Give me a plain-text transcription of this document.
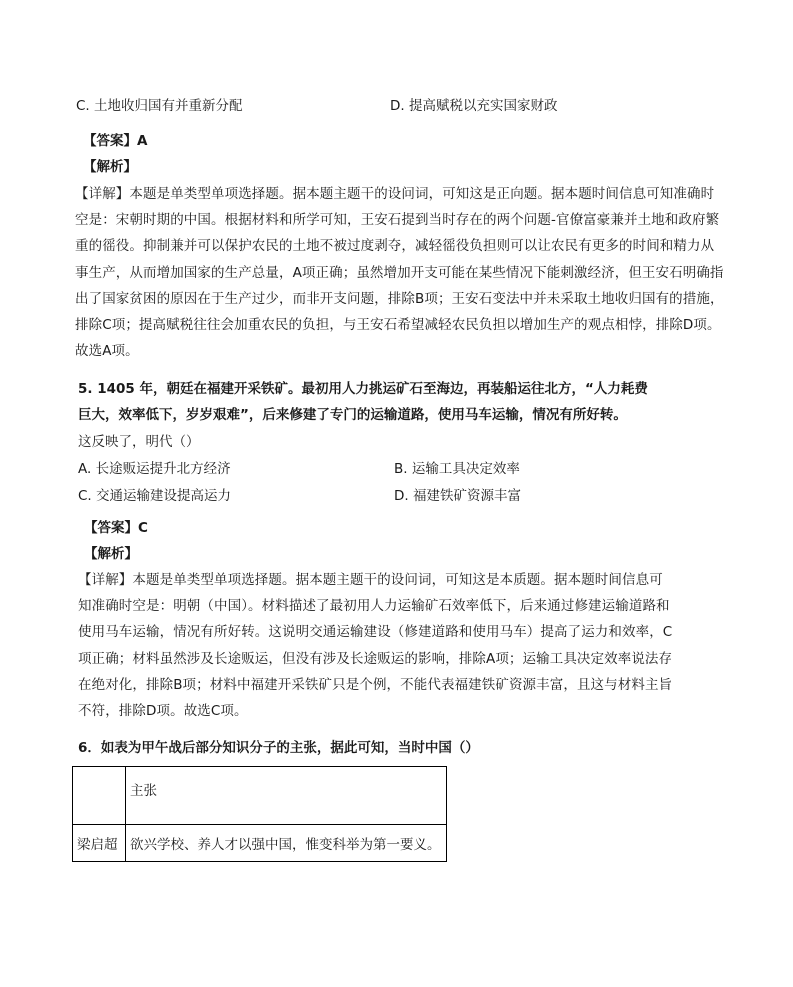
C. 土地收归国有并重新分配	D. 提高赋税以充实国家财政
【答案】A
【解析】
【详解】本题是单类型单项选择题。据本题主题干的设问词，可知这是正向题。据本题时间信息可知准确时空是：宋朝时期的中国。根据材料和所学可知，王安石提到当时存在的两个问题-官僚富豪兼并土地和政府繁重的徭役。抑制兼并可以保护农民的土地不被过度剥夺，减轻徭役负担则可以让农民有更多的时间和精力从事生产，从而增加国家的生产总量，A项正确；虽然增加开支可能在某些情况下能刺激经济，但王安石明确指出了国家贫困的原因在于生产过少，而非开支问题，排除B项；王安石变法中并未采取土地收归国有的措施，排除C项；提高赋税往往会加重农民的负担，与王安石希望减轻农民负担以增加生产的观点相悖，排除D项。故选A项。
5. 1405 年，朝廷在福建开采铁矿。最初用人力挑运矿石至海边，再装船运往北方，“人力耗费
巨大，效率低下，岁岁艰难”，后来修建了专门的运输道路，使用马车运输，情况有所好转。
这反映了，明代（）
A. 长途贩运提升北方经济	B. 运输工具决定效率
C. 交通运输建设提高运力	D. 福建铁矿资源丰富
【答案】C
【解析】
【详解】本题是单类型单项选择题。据本题主题干的设问词，可知这是本质题。据本题时间信息可知准确时空是：明朝（中国）。材料描述了最初用人力运输矿石效率低下，后来通过修建运输道路和使用马车运输，情况有所好转。这说明交通运输建设（修建道路和使用马车）提高了运力和效率，C项正确；材料虽然涉及长途贩运，但没有涉及长途贩运的影响，排除A项；运输工具决定效率说法存在绝对化，排除B项；材料中福建开采铁矿只是个例，不能代表福建铁矿资源丰富，且这与材料主旨不符，排除D项。故选C项。
6．如表为甲午战后部分知识分子的主张，据此可知，当时中国（）
	主张
梁启超	欲兴学校、养人才以强中国，惟变科举为第一要义。
